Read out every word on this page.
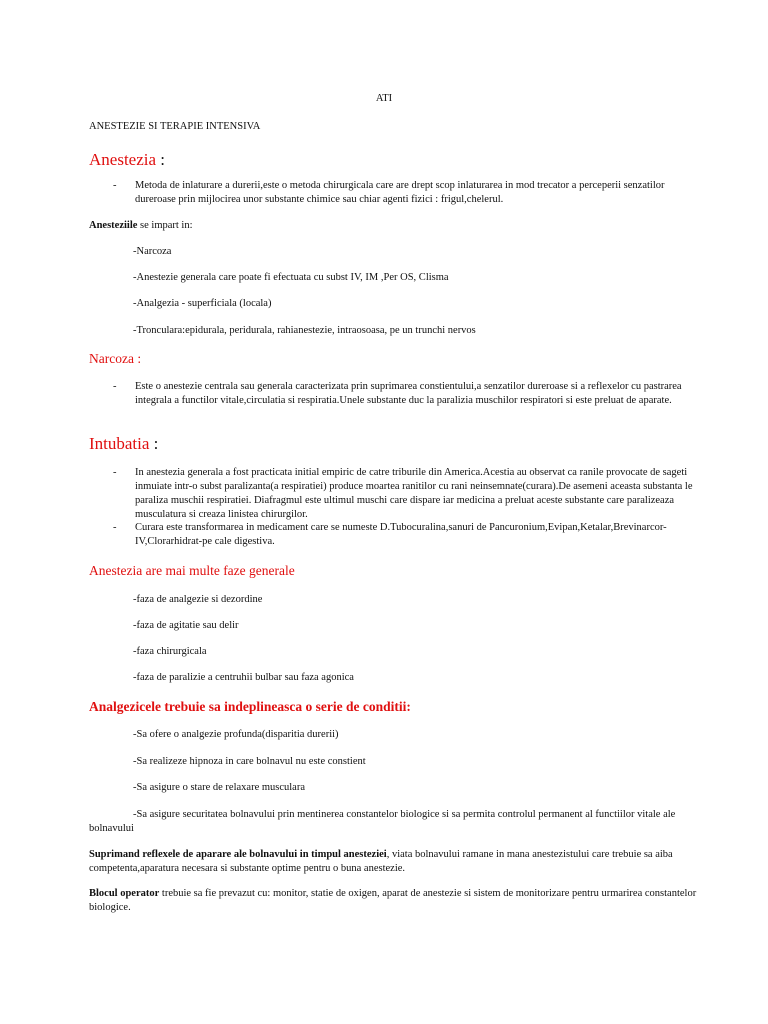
ATI
ANESTEZIE SI TERAPIE INTENSIVA
Anestezia :
-	Metoda de inlaturare a durerii,este o metoda chirurgicala care are drept scop inlaturarea in mod trecator a perceperii senzatilor dureroase prin mijlocirea unor substante chimice sau chiar agenti fizici : frigul,chelerul.
Anesteziile se impart in:
-Narcoza
-Anestezie generala care poate fi efectuata cu subst IV, IM ,Per OS, Clisma
-Analgezia - superficiala (locala)
-Tronculara:epidurala, peridurala, rahianestezie, intraosoasa, pe un trunchi nervos
Narcoza :
-	Este o anestezie centrala sau generala caracterizata prin suprimarea constientului,a senzatilor dureroase si a reflexelor cu pastrarea integrala a functilor vitale,circulatia si respiratia.Unele substante duc la paralizia muschilor respiratori si este preluat de aparate.
Intubatia :
-	In anestezia generala a fost practicata initial empiric de catre triburile din America.Acestia au observat ca ranile provocate de sageti inmuiate intr-o subst paralizanta(a respiratiei) produce moartea ranitilor cu rani neinsemnate(curara).De asemeni aceasta substanta le paraliza muschii respiratiei. Diafragmul este ultimul muschi care dispare iar medicina a preluat aceste substante care paralizeaza musculatura si creaza linistea chirurgilor.
-	Curara este transformarea in medicament care se numeste D.Tubocuralina,sanuri de Pancuronium,Evipan,Ketalar,Brevinarcor-IV,Clorarhidrat-pe cale digestiva.
Anestezia are mai multe faze generale
-faza de analgezie si dezordine
-faza de agitatie sau delir
-faza chirurgicala
-faza de paralizie a centruhii bulbar sau faza agonica
Analgezicele trebuie sa indeplineasca o serie de conditii:
-Sa ofere o analgezie profunda(disparitia durerii)
-Sa realizeze hipnoza in care bolnavul nu este constient
-Sa asigure o stare de relaxare musculara
-Sa asigure securitatea bolnavului prin mentinerea constantelor biologice si sa permita controlul permanent al functiilor vitale ale bolnavului
Suprimand reflexele de aparare ale bolnavului in timpul anesteziei, viata bolnavului ramane in mana anestezistului care trebuie sa aiba competenta,aparatura necesara si substante optime pentru o buna anestezie.
Blocul operator trebuie sa fie prevazut cu: monitor, statie de oxigen, aparat de anestezie si sistem de monitorizare pentru urmarirea constantelor biologice.
